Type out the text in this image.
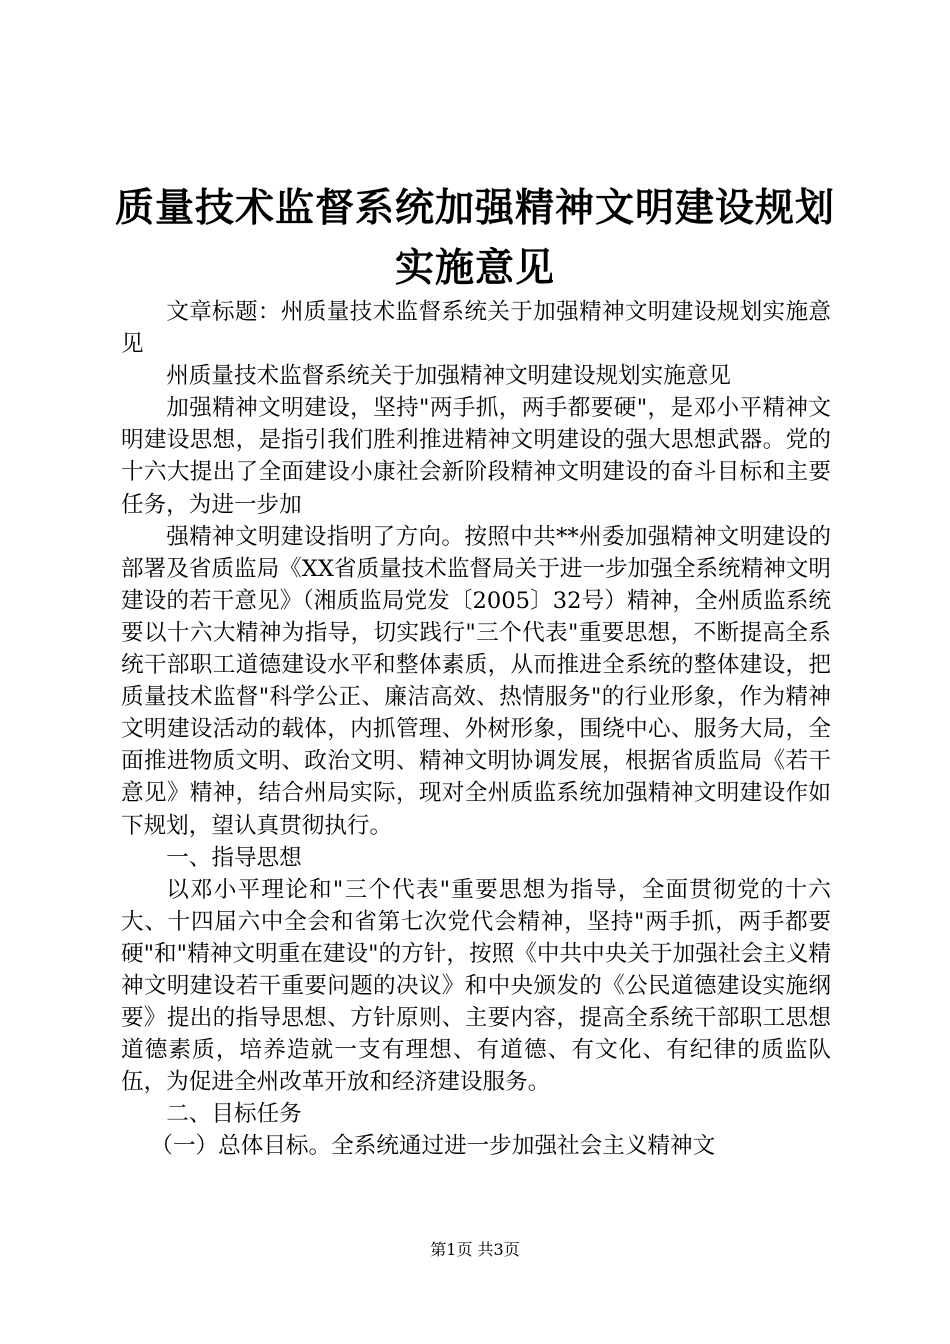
质量技术监督系统加强精神文明建设规划实施意见

文章标题：州质量技术监督系统关于加强精神文明建设规划实施意见

州质量技术监督系统关于加强精神文明建设规划实施意见

加强精神文明建设，坚持"两手抓，两手都要硬"，是邓小平精神文明建设思想，是指引我们胜利推进精神文明建设的强大思想武器。党的十六大提出了全面建设小康社会新阶段精神文明建设的奋斗目标和主要任务，为进一步加

强精神文明建设指明了方向。按照中共**州委加强精神文明建设的部署及省质监局《XX省质量技术监督局关于进一步加强全系统精神文明建设的若干意见》（湘质监局党发〔2005〕32号）精神，全州质监系统要以十六大精神为指导，切实践行"三个代表"重要思想，不断提高全系统干部职工道德建设水平和整体素质，从而推进全系统的整体建设，把质量技术监督"科学公正、廉洁高效、热情服务"的行业形象，作为精神文明建设活动的载体，内抓管理、外树形象，围绕中心、服务大局，全面推进物质文明、政治文明、精神文明协调发展，根据省质监局《若干意见》精神，结合州局实际，现对全州质监系统加强精神文明建设作如下规划，望认真贯彻执行。

一、指导思想

以邓小平理论和"三个代表"重要思想为指导，全面贯彻党的十六大、十四届六中全会和省第七次党代会精神，坚持"两手抓，两手都要硬"和"精神文明重在建设"的方针，按照《中共中央关于加强社会主义精神文明建设若干重要问题的决议》和中央颁发的《公民道德建设实施纲要》提出的指导思想、方针原则、主要内容，提高全系统干部职工思想道德素质，培养造就一支有理想、有道德、有文化、有纪律的质监队伍，为促进全州改革开放和经济建设服务。

二、目标任务

（一）总体目标。全系统通过进一步加强社会主义精神文

第1页 共3页
